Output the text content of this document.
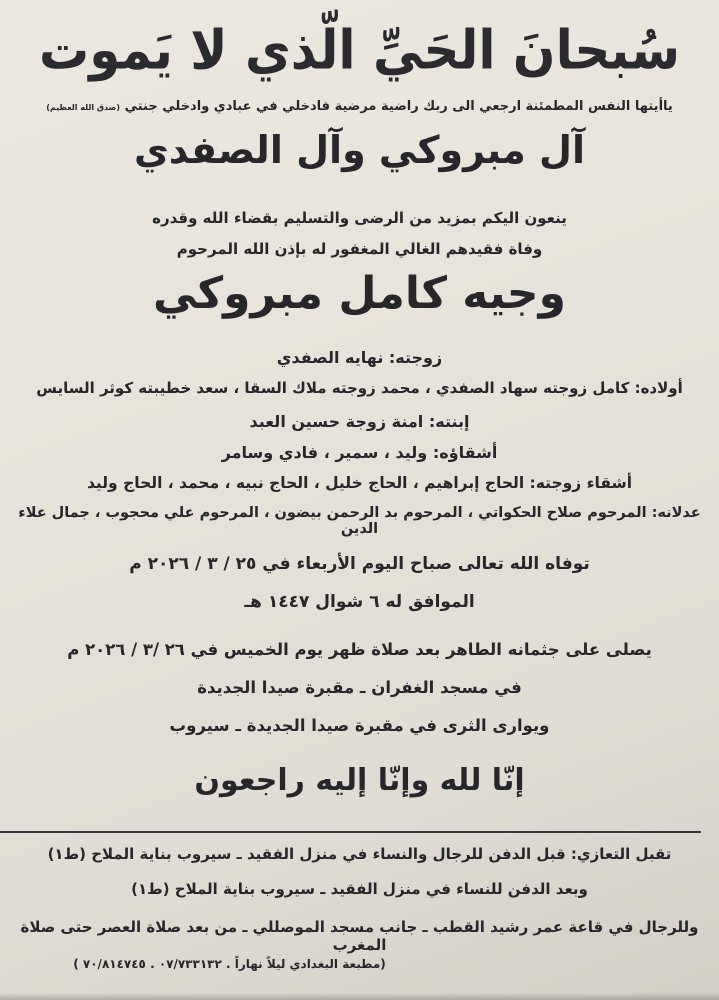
سُبحانَ الحَيِّ الّذي لا يَموت
ياأيتها النفس المطمئنة ارجعي الى ربك راضية مرضية فادخلي في عبادي وادخلي جنتي (صدق الله العظيم)
آل مبروكي وآل الصفدي
ينعون اليكم بمزيد من الرضى والتسليم بقضاء الله وقدره
وفاة فقيدهم الغالي المغفور له بإذن الله المرحوم
وجيه كامل مبروكي
زوجته: نهايه الصفدي
أولاده: كامل زوجته سهاد الصفدي ، محمد زوجته ملاك السقا ، سعد خطيبته كوثر السايس
إبنته: امنة زوجة حسين العبد
أشقاؤه: وليد ، سمير ، فادي وسامر
أشقاء زوجته: الحاج إبراهيم ، الحاج خليل ، الحاج نبيه ، محمد ، الحاج وليد
عدلانه: المرحوم صلاح الحكواتي ، المرحوم بد الرحمن بيضون ، المرحوم علي محجوب ، جمال علاء الدين
توفاه الله تعالى صباح اليوم الأربعاء في ٢٥ / ٣ / ٢٠٢٦ م
الموافق له ٦ شوال ١٤٤٧ هـ
يصلى على جثمانه الطاهر بعد صلاة ظهر يوم الخميس في ٢٦ /٣ / ٢٠٢٦ م
في مسجد الغفران ـ مقبرة صيدا الجديدة
ويوارى الثرى في مقبرة صيدا الجديدة ـ سيروب
إنّا لله وإنّا إليه راجعون
تقبل التعازي: قبل الدفن للرجال والنساء في منزل الفقيد ـ سيروب بناية الملاح (ط١)
وبعد الدفن للنساء في منزل الفقيد ـ سيروب بناية الملاح (ط١)
وللرجال في قاعة عمر رشيد القطب ـ جانب مسجد الموصللي ـ من بعد صلاة العصر حتى صلاة المغرب
(مطبعة البغدادي ليلاً نهاراً . ٠٧/٧٣٣١٣٢ . ٧٠/٨١٤٧٤٥ )
